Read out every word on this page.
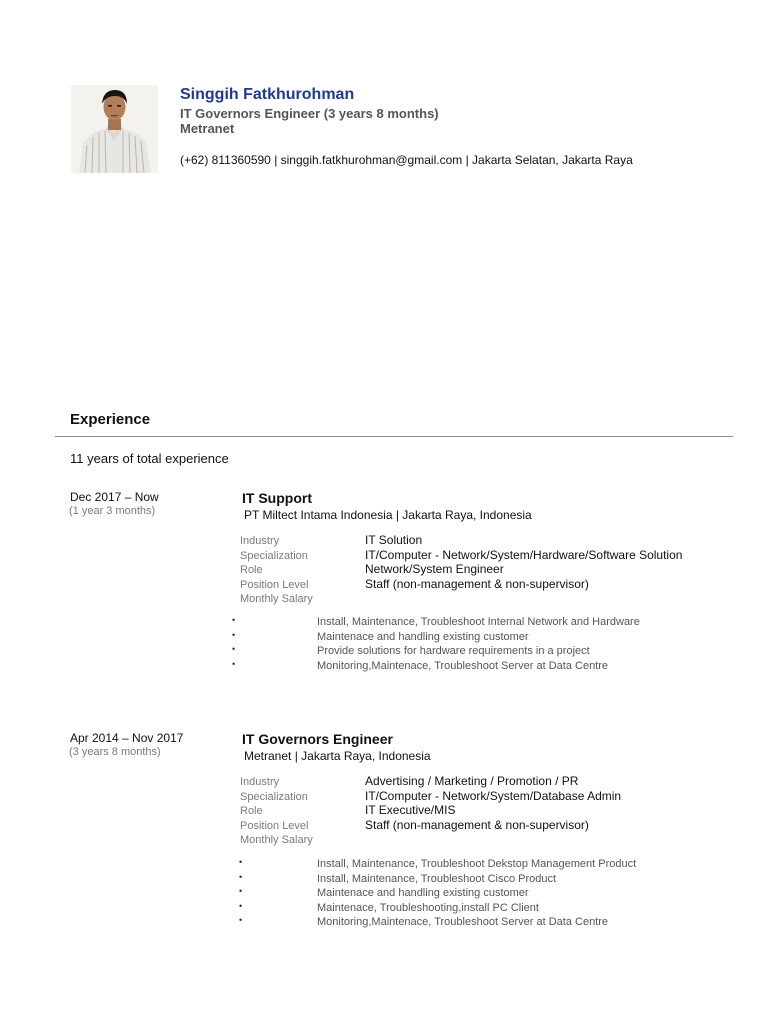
Singgih Fatkhurohman
IT Governors Engineer (3 years 8 months)
Metranet
(+62) 811360590 | singgih.fatkhurohman@gmail.com | Jakarta Selatan, Jakarta Raya
Experience
11 years of total experience
Dec 2017 – Now
(1 year 3 months)
IT Support
PT Miltect Intama Indonesia | Jakarta Raya, Indonesia
Industry	IT Solution
Specialization	IT/Computer - Network/System/Hardware/Software Solution
Role	Network/System Engineer
Position Level	Staff (non-management & non-supervisor)
Monthly Salary
•	Install, Maintenance, Troubleshoot Internal Network and Hardware
•	Maintenace and handling existing customer
•	Provide solutions for hardware requirements in a project
•	Monitoring,Maintenace, Troubleshoot Server at Data Centre
Apr 2014 – Nov 2017
(3 years 8 months)
IT Governors Engineer
Metranet | Jakarta Raya, Indonesia
Industry	Advertising / Marketing / Promotion / PR
Specialization	IT/Computer - Network/System/Database Admin
Role	IT Executive/MIS
Position Level	Staff (non-management & non-supervisor)
Monthly Salary
•	Install, Maintenance, Troubleshoot Dekstop Management Product
•	Install, Maintenance, Troubleshoot Cisco Product
•	Maintenace and handling existing customer
•	Maintenace, Troubleshooting,install PC Client
•	Monitoring,Maintenace, Troubleshoot Server at Data Centre
